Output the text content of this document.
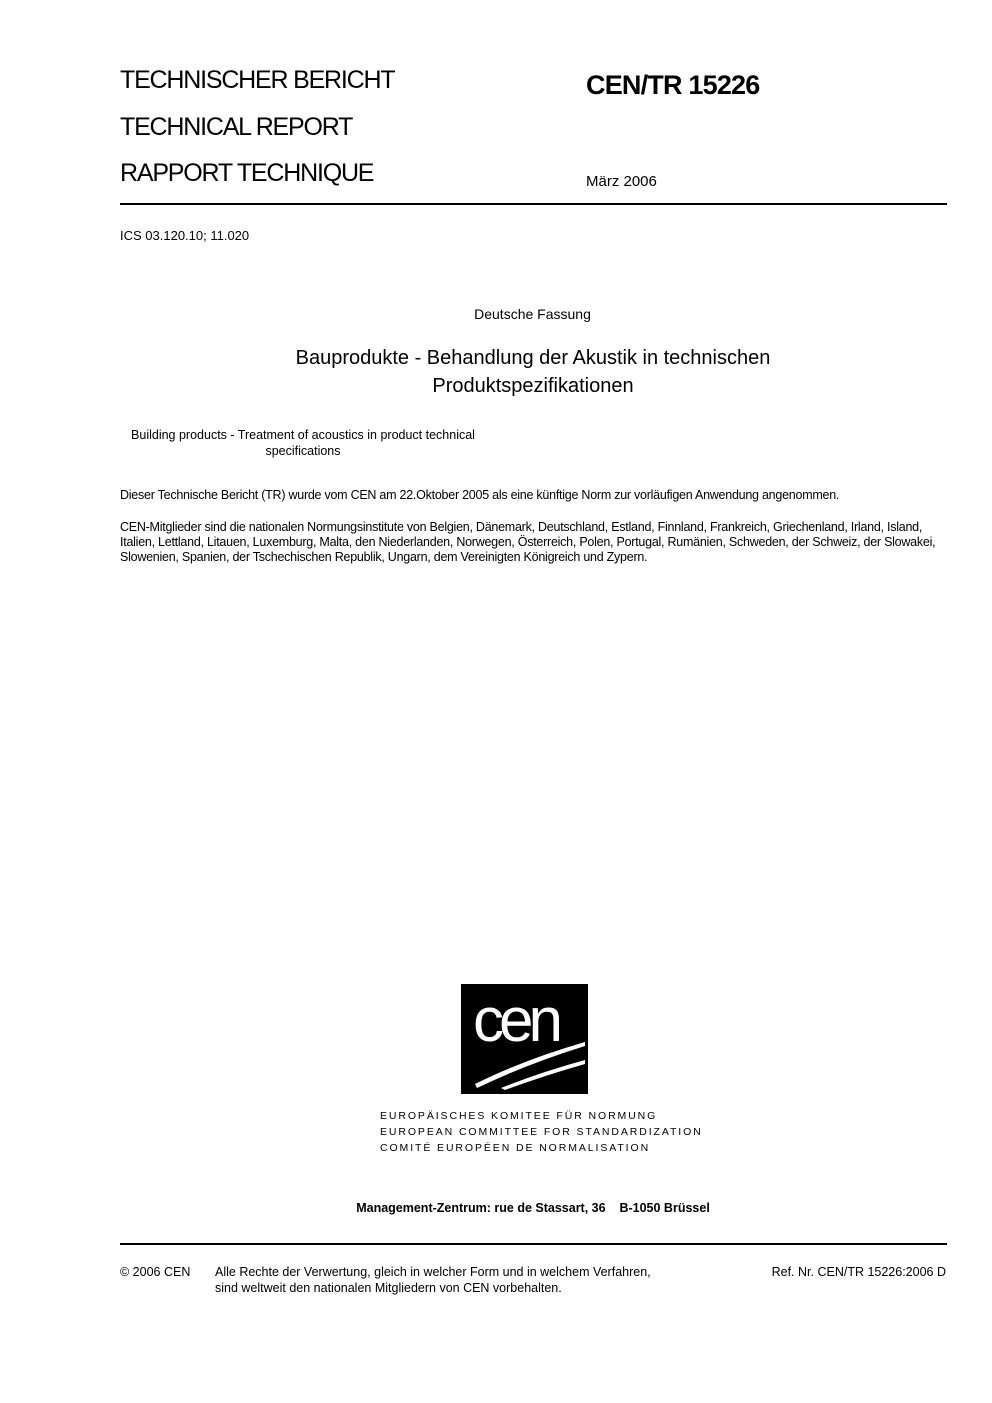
TECHNISCHER BERICHT
TECHNICAL REPORT
RAPPORT TECHNIQUE
CEN/TR 15226
März 2006
ICS 03.120.10; 11.020
Deutsche Fassung
Bauprodukte - Behandlung der Akustik in technischen Produktspezifikationen
Building products - Treatment of acoustics in product technical specifications
Dieser Technische Bericht (TR) wurde vom CEN am 22.Oktober 2005 als eine künftige Norm zur vorläufigen Anwendung angenommen.
CEN-Mitglieder sind die nationalen Normungsinstitute von Belgien, Dänemark, Deutschland, Estland, Finnland, Frankreich, Griechenland, Irland, Island, Italien, Lettland, Litauen, Luxemburg, Malta, den Niederlanden, Norwegen, Österreich, Polen, Portugal, Rumänien, Schweden, der Schweiz, der Slowakei, Slowenien, Spanien, der Tschechischen Republik, Ungarn, dem Vereinigten Königreich und Zypern.
cen
EUROPÄISCHES KOMITEE FÜR NORMUNG
EUROPEAN COMMITTEE FOR STANDARDIZATION
COMITÉ EUROPÉEN DE NORMALISATION
Management-Zentrum: rue de Stassart, 36    B-1050 Brüssel
© 2006 CEN Alle Rechte der Verwertung, gleich in welcher Form und in welchem Verfahren, sind weltweit den nationalen Mitgliedern von CEN vorbehalten.
Ref. Nr. CEN/TR 15226:2006 D
